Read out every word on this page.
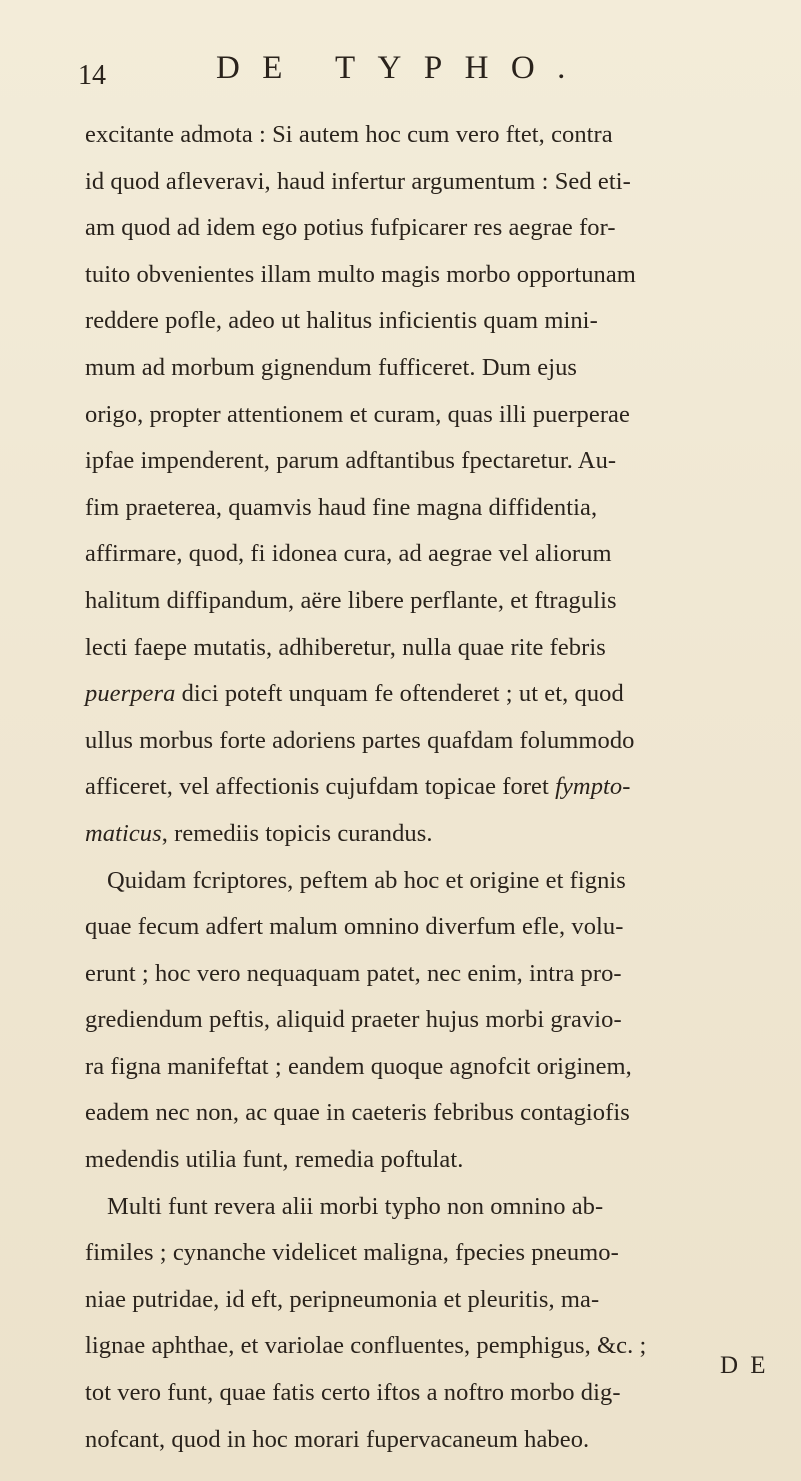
14	DE TYPHO.
excitante admota : Si autem hoc cum vero ftet, contra
id quod afleveravi, haud infertur argumentum : Sed eti-
am quod ad idem ego potius fufpicarer res aegrae for-
tuito obvenientes illam multo magis morbo opportunam
reddere pofle, adeo ut halitus inficientis quam mini-
mum ad morbum gignendum fufficeret. Dum ejus
origo, propter attentionem et curam, quas illi puerperae
ipfae impenderent, parum adftantibus fpectaretur. Au-
fim praeterea, quamvis haud fine magna diffidentia,
affirmare, quod, fi idonea cura, ad aegrae vel aliorum
halitum diffipandum, aëre libere perflante, et ftragulis
lecti faepe mutatis, adhiberetur, nulla quae rite febris
puerpera dici poteft unquam fe oftenderet ; ut et, quod
ullus morbus forte adoriens partes quafdam folummodo
afficeret, vel affectionis cujufdam topicae foret fympto-
maticus, remediis topicis curandus.
Quidam fcriptores, peftem ab hoc et origine et fignis
quae fecum adfert malum omnino diverfum efle, volu-
erunt ; hoc vero nequaquam patet, nec enim, intra pro-
grediendum peftis, aliquid praeter hujus morbi gravio-
ra figna manifeftat ; eandem quoque agnofcit originem,
eadem nec non, ac quae in caeteris febribus contagiofis
medendis utilia funt, remedia poftulat.
Multi funt revera alii morbi typho non omnino ab-
fimiles ; cynanche videlicet maligna, fpecies pneumo-
niae putridae, id eft, peripneumonia et pleuritis, ma-
lignae aphthae, et variolae confluentes, pemphigus, &c. ;
tot vero funt, quae fatis certo iftos a noftro morbo dig-
nofcant, quod in hoc morari fupervacaneum habeo.
D E
